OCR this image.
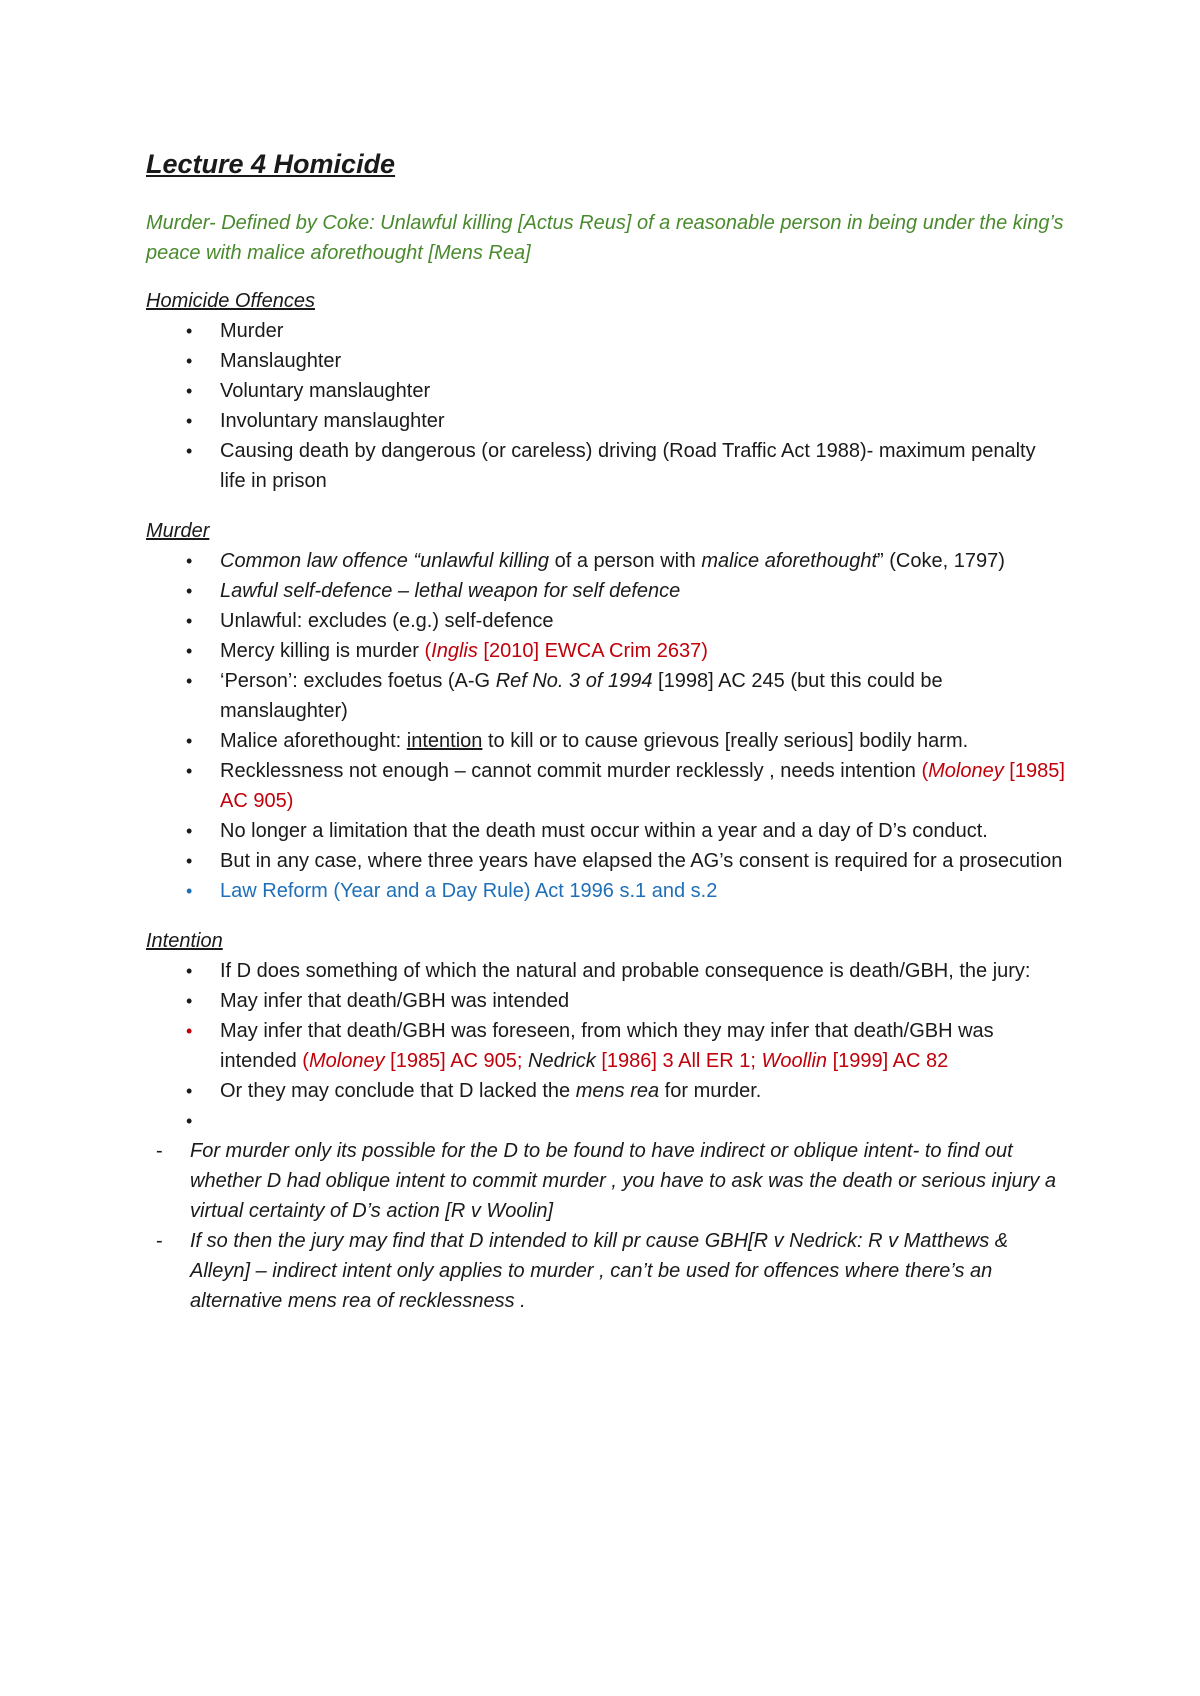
Lecture 4 Homicide

Murder- Defined by Coke: Unlawful killing [Actus Reus] of a reasonable person in being under the king’s peace with malice aforethought [Mens Rea]

Homicide Offences

• Murder
• Manslaughter
• Voluntary manslaughter
• Involuntary manslaughter
• Causing death by dangerous (or careless) driving (Road Traffic Act 1988)- maximum penalty life in prison

Murder

• Common law offence “unlawful killing of a person with malice aforethought” (Coke, 1797)
• Lawful self-defence – lethal weapon for self defence
• Unlawful: excludes (e.g.) self-defence
• Mercy killing is murder (Inglis [2010] EWCA Crim 2637)
• ‘Person’: excludes foetus (A-G Ref No. 3 of 1994 [1998] AC 245 (but this could be manslaughter)
• Malice aforethought: intention to kill or to cause grievous [really serious] bodily harm.
• Recklessness not enough – cannot commit murder recklessly , needs intention (Moloney [1985] AC 905)
• No longer a limitation that the death must occur within a year and a day of D’s conduct.
• But in any case, where three years have elapsed the AG’s consent is required for a prosecution
• Law Reform (Year and a Day Rule) Act 1996 s.1 and s.2

Intention

• If D does something of which the natural and probable consequence is death/GBH, the jury:
• May infer that death/GBH was intended
• May infer that death/GBH was foreseen, from which they may infer that death/GBH was intended (Moloney [1985] AC 905; Nedrick [1986] 3 All ER 1; Woollin [1999] AC 82
• Or they may conclude that D lacked the mens rea for murder.
•

- For murder only its possible for the D to be found to have indirect or oblique intent- to find out whether D had oblique intent to commit murder , you have to ask was the death or serious injury a virtual certainty of D’s action [R v Woolin]
- If so then the jury may find that D intended to kill pr cause GBH[R v Nedrick: R v Matthews & Alleyn] – indirect intent only applies to murder , can’t be used for offences where there’s an alternative mens rea of recklessness .
